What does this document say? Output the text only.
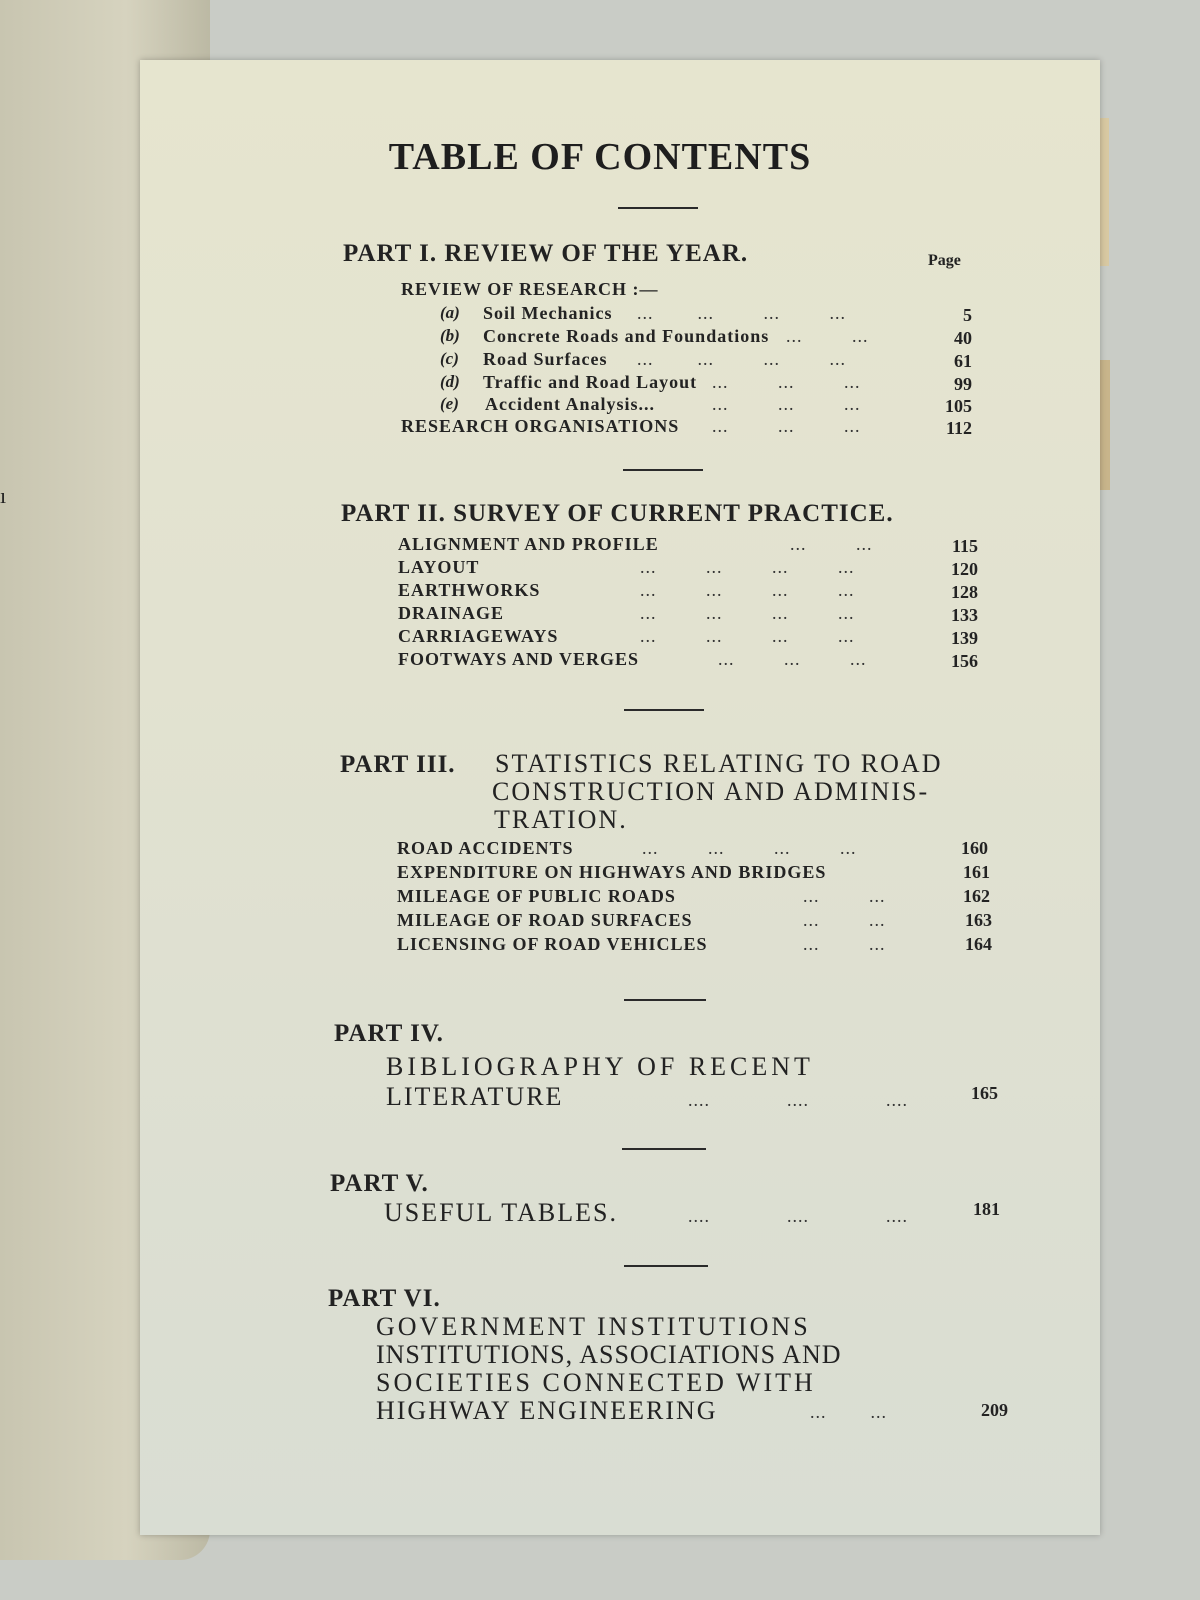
ı
TABLE OF CONTENTS
PART I. REVIEW OF THE YEAR.	Page
REVIEW OF RESEARCH :—
(a) Soil Mechanics ...        ...         ...         ...	5
(b) Concrete Roads and Foundations ...         ...	40
(c) Road Surfaces ...        ...         ...         ...	61
(d) Traffic and Road Layout ...         ...         ...	99
(e) Accident Analysis...	...         ...         ...	105
RESEARCH ORGANISATIONS ...         ...         ...	112
PART II. SURVEY OF CURRENT PRACTICE.
ALIGNMENT AND PROFILE	...         ...	115
LAYOUT	...         ...         ...         ...	120
EARTHWORKS	...         ...         ...         ...	128
DRAINAGE	...         ...         ...         ...	133
CARRIAGEWAYS	...         ...         ...         ...	139
FOOTWAYS AND VERGES	...         ...         ...	156
PART III. STATISTICS RELATING TO ROAD
CONSTRUCTION AND ADMINIS-
TRATION.
ROAD ACCIDENTS	...         ...         ...         ...	160
EXPENDITURE ON HIGHWAYS AND BRIDGES	161
MILEAGE OF PUBLIC ROADS	...         ...	162
MILEAGE OF ROAD SURFACES	...         ...	163
LICENSING OF ROAD VEHICLES	...         ...	164
PART IV.
BIBLIOGRAPHY OF RECENT
LITERATURE	....              ....              ....	165
PART V.
USEFUL TABLES.	....              ....              ....	181
PART VI.
GOVERNMENT INSTITUTIONS
INSTITUTIONS, ASSOCIATIONS AND
SOCIETIES CONNECTED WITH
HIGHWAY ENGINEERING	...        ...	209
